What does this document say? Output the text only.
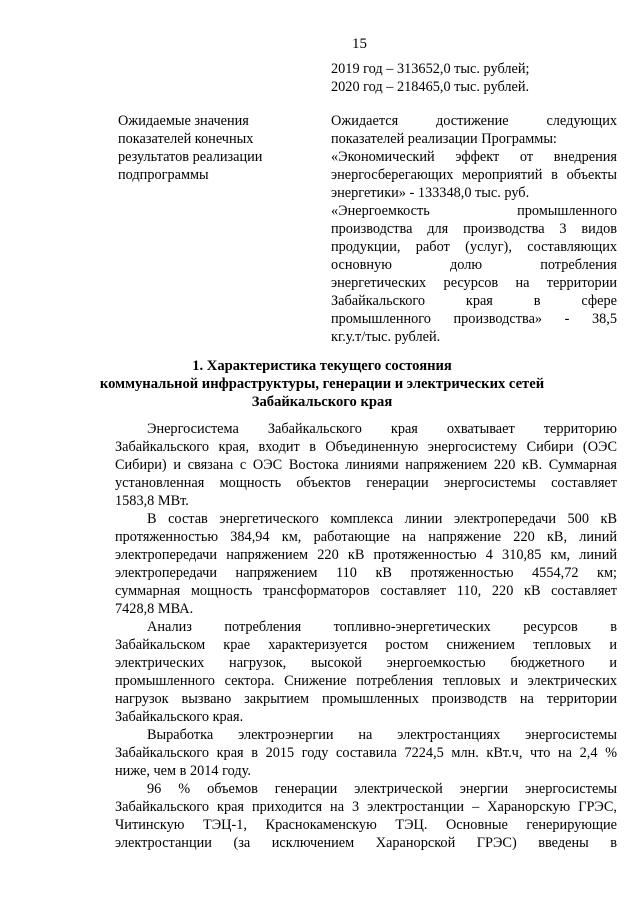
15
2019 год – 313652,0 тыс. рублей;
2020 год – 218465,0 тыс. рублей.
Ожидаемые значения
показателей конечных
результатов реализации
подпрограммы
Ожидается достижение следующих
показателей реализации Программы:
«Экономический эффект от внедрения
энергосберегающих мероприятий в объекты
энергетики» - 133348,0 тыс. руб.
«Энергоемкость промышленного
производства для производства 3 видов
продукции, работ (услуг), составляющих
основную долю потребления
энергетических ресурсов на территории
Забайкальского края в сфере
промышленного производства» - 38,5
кг.у.т/тыс. рублей.
1. Характеристика текущего состояния
коммунальной инфраструктуры, генерации и электрических сетей
Забайкальского края
Энергосистема Забайкальского края охватывает территорию
Забайкальского края, входит в Объединенную энергосистему Сибири (ОЭС
Сибири) и связана с ОЭС Востока линиями напряжением 220 кВ. Суммарная
установленная мощность объектов генерации энергосистемы составляет
1583,8 МВт.
В состав энергетического комплекса линии электропередачи 500 кВ
протяженностью 384,94 км, работающие на напряжение 220 кВ, линий
электропередачи напряжением 220 кВ протяженностью 4 310,85 км, линий
электропередачи напряжением 110 кВ протяженностью 4554,72 км;
суммарная мощность трансформаторов составляет 110, 220 кВ составляет
7428,8 МВА.
Анализ потребления топливно-энергетических ресурсов в
Забайкальском крае характеризуется ростом снижением тепловых и
электрических нагрузок, высокой энергоемкостью бюджетного и
промышленного сектора. Снижение потребления тепловых и электрических
нагрузок вызвано закрытием промышленных производств на территории
Забайкальского края.
Выработка электроэнергии на электростанциях энергосистемы
Забайкальского края в 2015 году составила 7224,5 млн. кВт.ч, что на 2,4 %
ниже, чем в 2014 году.
96 % объемов генерации электрической энергии энергосистемы
Забайкальского края приходится на 3 электростанции – Харанорскую ГРЭС,
Читинскую ТЭЦ-1, Краснокаменскую ТЭЦ. Основные генерирующие
электростанции (за исключением Харанорской ГРЭС) введены в
